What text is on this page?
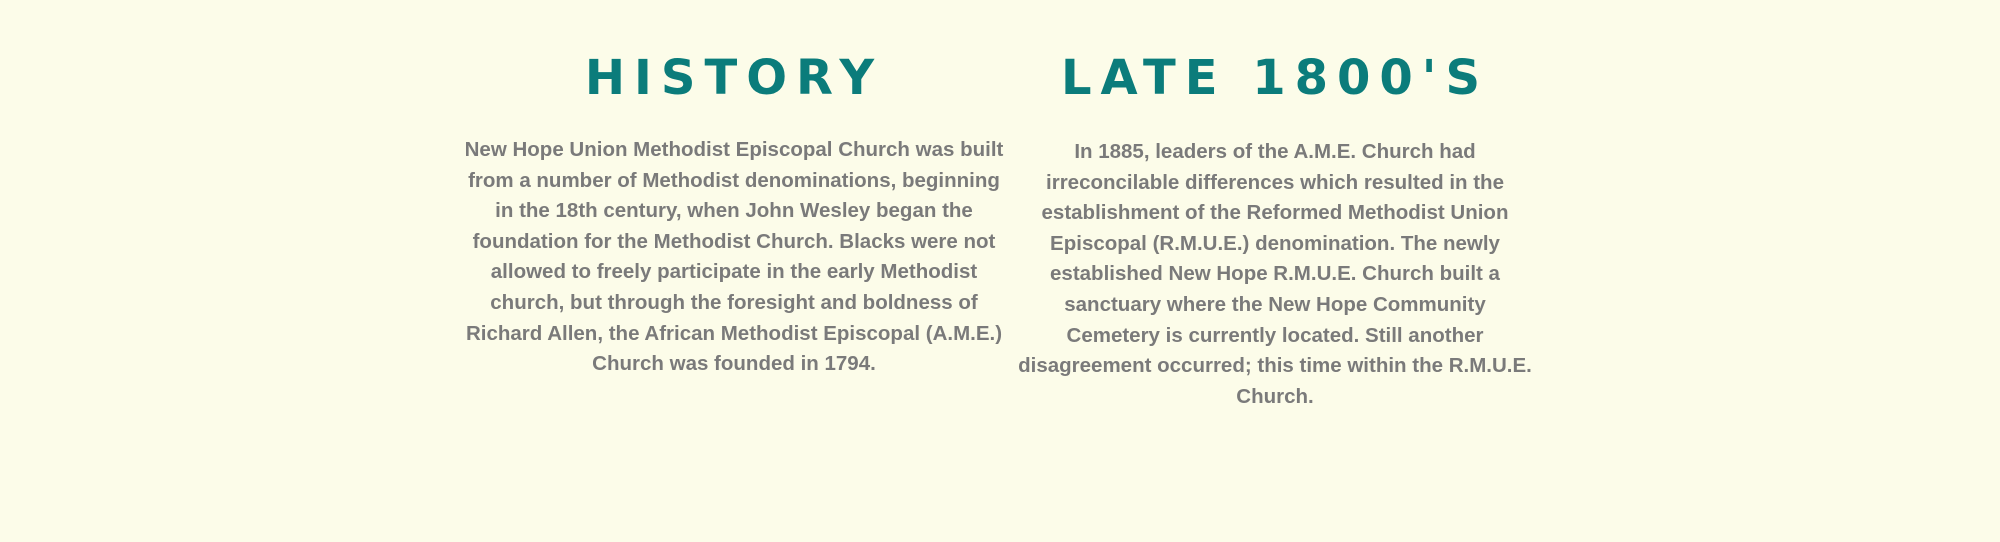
HISTORY

New Hope Union Methodist Episcopal Church was built from a number of Methodist denominations, beginning in the 18th century, when John Wesley began the foundation for the Methodist Church. Blacks were not allowed to freely participate in the early Methodist church, but through the foresight and boldness of Richard Allen, the African Methodist Episcopal (A.M.E.) Church was founded in 1794.

LATE 1800'S

In 1885, leaders of the A.M.E. Church had irreconcilable differences which resulted in the establishment of the Reformed Methodist Union Episcopal (R.M.U.E.) denomination. The newly established New Hope R.M.U.E. Church built a sanctuary where the New Hope Community Cemetery is currently located. Still another disagreement occurred; this time within the R.M.U.E. Church.
